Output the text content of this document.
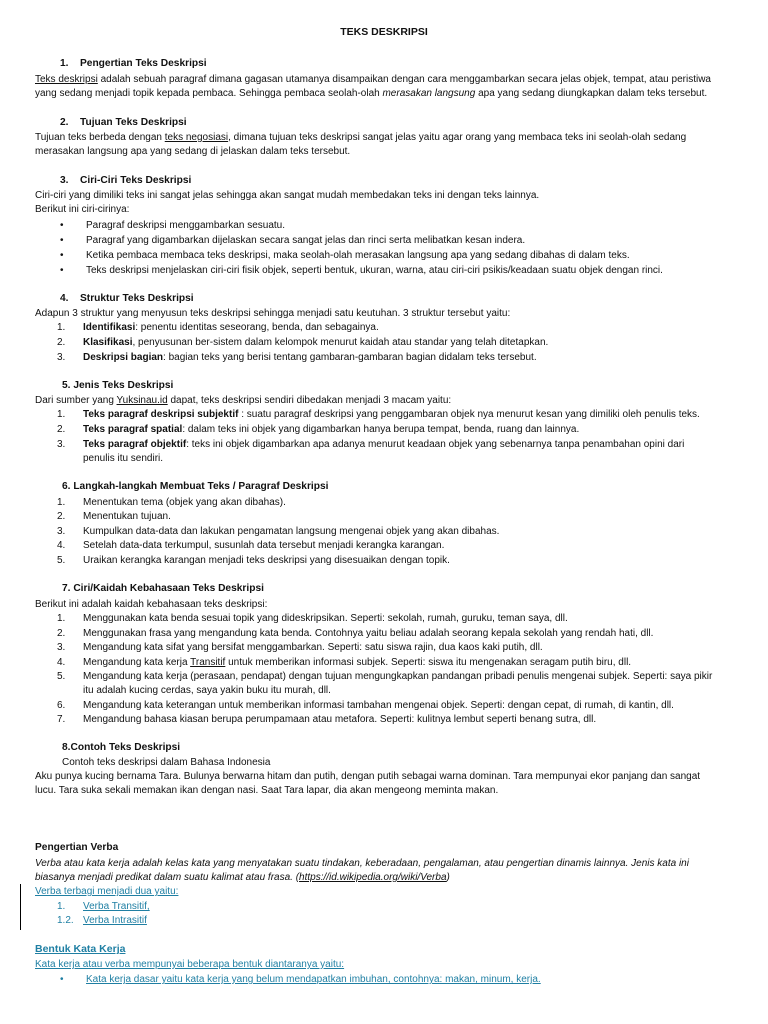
TEKS DESKRIPSI
1. Pengertian Teks Deskripsi
Teks deskripsi adalah sebuah paragraf dimana gagasan utamanya disampaikan dengan cara menggambarkan secara jelas objek, tempat, atau peristiwa
yang sedang menjadi topik kepada pembaca. Sehingga pembaca seolah-olah merasakan langsung apa yang sedang diungkapkan dalam teks tersebut.
2. Tujuan Teks Deskripsi
Tujuan teks berbeda dengan teks negosiasi, dimana tujuan teks deskripsi sangat jelas yaitu agar orang yang membaca teks ini seolah-olah sedang
merasakan langsung apa yang sedang di jelaskan dalam teks tersebut.
3. Ciri-Ciri Teks Deskripsi
Ciri-ciri yang dimiliki teks ini sangat jelas sehingga akan sangat mudah membedakan teks ini dengan teks lainnya.
Berikut ini ciri-cirinya:
• Paragraf deskripsi menggambarkan sesuatu.
• Paragraf yang digambarkan dijelaskan secara sangat jelas dan rinci serta melibatkan kesan indera.
• Ketika pembaca membaca teks deskripsi, maka seolah-olah merasakan langsung apa yang sedang dibahas di dalam teks.
• Teks deskripsi menjelaskan ciri-ciri fisik objek, seperti bentuk, ukuran, warna, atau ciri-ciri psikis/keadaan suatu objek dengan rinci.
4. Struktur Teks Deskripsi
Adapun 3 struktur yang menyusun teks deskripsi sehingga menjadi satu keutuhan. 3 struktur tersebut yaitu:
1. Identifikasi: penentu identitas seseorang, benda, dan sebagainya.
2. Klasifikasi, penyusunan ber-sistem dalam kelompok menurut kaidah atau standar yang telah ditetapkan.
3. Deskripsi bagian: bagian teks yang berisi tentang gambaran-gambaran bagian didalam teks tersebut.
5. Jenis Teks Deskripsi
Dari sumber yang Yuksinau.id dapat, teks deskripsi sendiri dibedakan menjadi 3 macam yaitu:
1. Teks paragraf deskripsi subjektif : suatu paragraf deskripsi yang penggambaran objek nya menurut kesan yang dimiliki oleh penulis teks.
2. Teks paragraf spatial: dalam teks ini objek yang digambarkan hanya berupa tempat, benda, ruang dan lainnya.
3. Teks paragraf objektif: teks ini objek digambarkan apa adanya menurut keadaan objek yang sebenarnya tanpa penambahan opini dari
penulis itu sendiri.
6. Langkah-langkah Membuat Teks / Paragraf Deskripsi
1. Menentukan tema (objek yang akan dibahas).
2. Menentukan tujuan.
3. Kumpulkan data-data dan lakukan pengamatan langsung mengenai objek yang akan dibahas.
4. Setelah data-data terkumpul, susunlah data tersebut menjadi kerangka karangan.
5. Uraikan kerangka karangan menjadi teks deskripsi yang disesuaikan dengan topik.
7. Ciri/Kaidah Kebahasaan Teks Deskripsi
Berikut ini adalah kaidah kebahasaan teks deskripsi:
1. Menggunakan kata benda sesuai topik yang dideskripsikan. Seperti: sekolah, rumah, guruku, teman saya, dll.
2. Menggunakan frasa yang mengandung kata benda. Contohnya yaitu beliau adalah seorang kepala sekolah yang rendah hati, dll.
3. Mengandung kata sifat yang bersifat menggambarkan. Seperti: satu siswa rajin, dua kaos kaki putih, dll.
4. Mengandung kata kerja Transitif untuk memberikan informasi subjek. Seperti: siswa itu mengenakan seragam putih biru, dll.
5. Mengandung kata kerja (perasaan, pendapat) dengan tujuan mengungkapkan pandangan pribadi penulis mengenai subjek. Seperti: saya pikir
itu adalah kucing cerdas, saya yakin buku itu murah, dll.
6. Mengandung kata keterangan untuk memberikan informasi tambahan mengenai objek. Seperti: dengan cepat, di rumah, di kantin, dll.
7. Mengandung bahasa kiasan berupa perumpamaan atau metafora. Seperti: kulitnya lembut seperti benang sutra, dll.
8.Contoh Teks Deskripsi
Contoh teks deskripsi dalam Bahasa Indonesia
Aku punya kucing bernama Tara. Bulunya berwarna hitam dan putih, dengan putih sebagai warna dominan. Tara mempunyai ekor panjang dan sangat
lucu. Tara suka sekali memakan ikan dengan nasi. Saat Tara lapar, dia akan mengeong meminta makan.
Pengertian Verba
Verba atau kata kerja adalah kelas kata yang menyatakan suatu tindakan, keberadaan, pengalaman, atau pengertian dinamis lainnya. Jenis kata ini
biasanya menjadi predikat dalam suatu kalimat atau frasa. (https://id.wikipedia.org/wiki/Verba)
Verba terbagi menjadi dua yaitu:
1. Verba Transitif,
1.2. Verba Intrasitif
Bentuk Kata Kerja
Kata kerja atau verba mempunyai beberapa bentuk diantaranya yaitu:
• Kata kerja dasar yaitu kata kerja yang belum mendapatkan imbuhan, contohnya: makan, minum, kerja.
